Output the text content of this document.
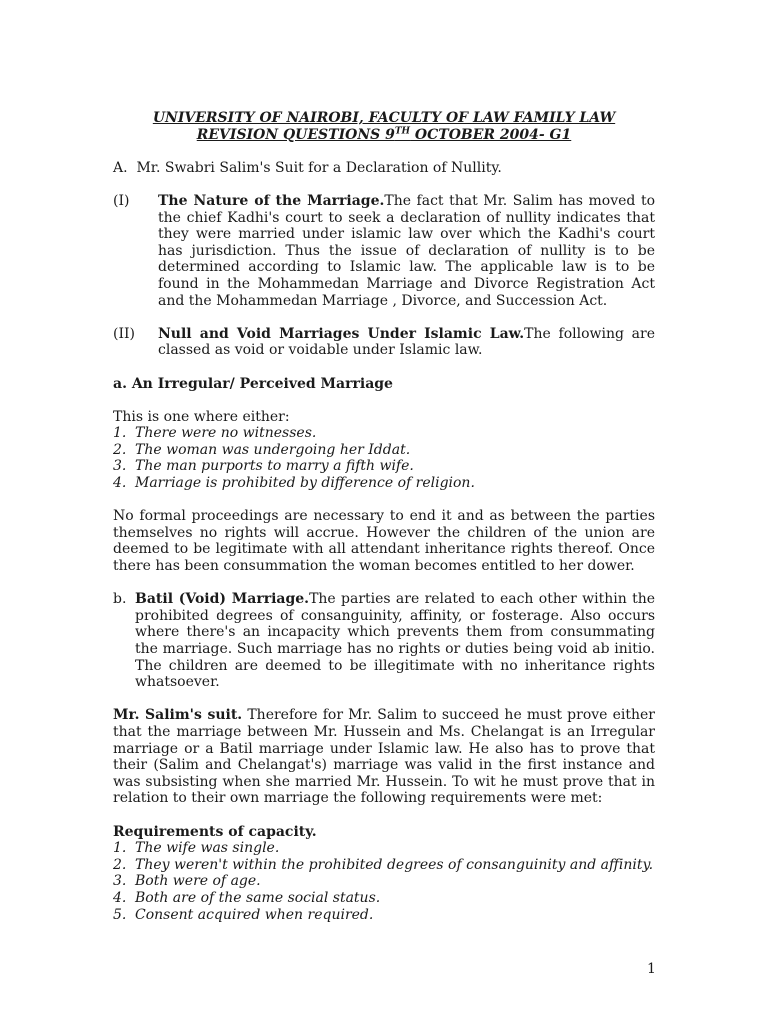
UNIVERSITY OF NAIROBI, FACULTY OF LAW FAMILY LAW

REVISION QUESTIONS 9TH OCTOBER 2004- G1

A. Mr. Swabri Salim's Suit for a Declaration of Nullity.

(I) The Nature of the Marriage.The fact that Mr. Salim has moved to the chief Kadhi's court to seek a declaration of nullity indicates that they were married under islamic law over which the Kadhi's court has jurisdiction. Thus the issue of declaration of nullity is to be determined according to Islamic law. The applicable law is to be found in the Mohammedan Marriage and Divorce Registration Act and the Mohammedan Marriage , Divorce, and Succession Act.
(II) Null and Void Marriages Under Islamic Law.The following are classed as void or voidable under Islamic law.

a. An Irregular/ Perceived Marriage

This is one where either:

1. There were no witnesses.
2. The woman was undergoing her Iddat.
3. The man purports to marry a fifth wife.
4. Marriage is prohibited by difference of religion.

No formal proceedings are necessary to end it and as between the parties themselves no rights will accrue. However the children of the union are deemed to be legitimate with all attendant inheritance rights thereof. Once there has been consummation the woman becomes entitled to her dower.

b. Batil (Void) Marriage.The parties are related to each other within the prohibited degrees of consanguinity, affinity, or fosterage. Also occurs where there's an incapacity which prevents them from consummating the marriage. Such marriage has no rights or duties being void ab initio. The children are deemed to be illegitimate with no inheritance rights whatsoever.

Mr. Salim's suit. Therefore for Mr. Salim to succeed he must prove either that the marriage between Mr. Hussein and Ms. Chelangat is an Irregular marriage or a Batil marriage under Islamic law. He also has to prove that their (Salim and Chelangat's) marriage was valid in the first instance and was subsisting when she married Mr. Hussein. To wit he must prove that in relation to their own marriage the following requirements were met:

Requirements of capacity.

1. The wife was single.
2. They weren't within the prohibited degrees of consanguinity and affinity.
3. Both were of age.
4. Both are of the same social status.
5. Consent acquired when required.
1
